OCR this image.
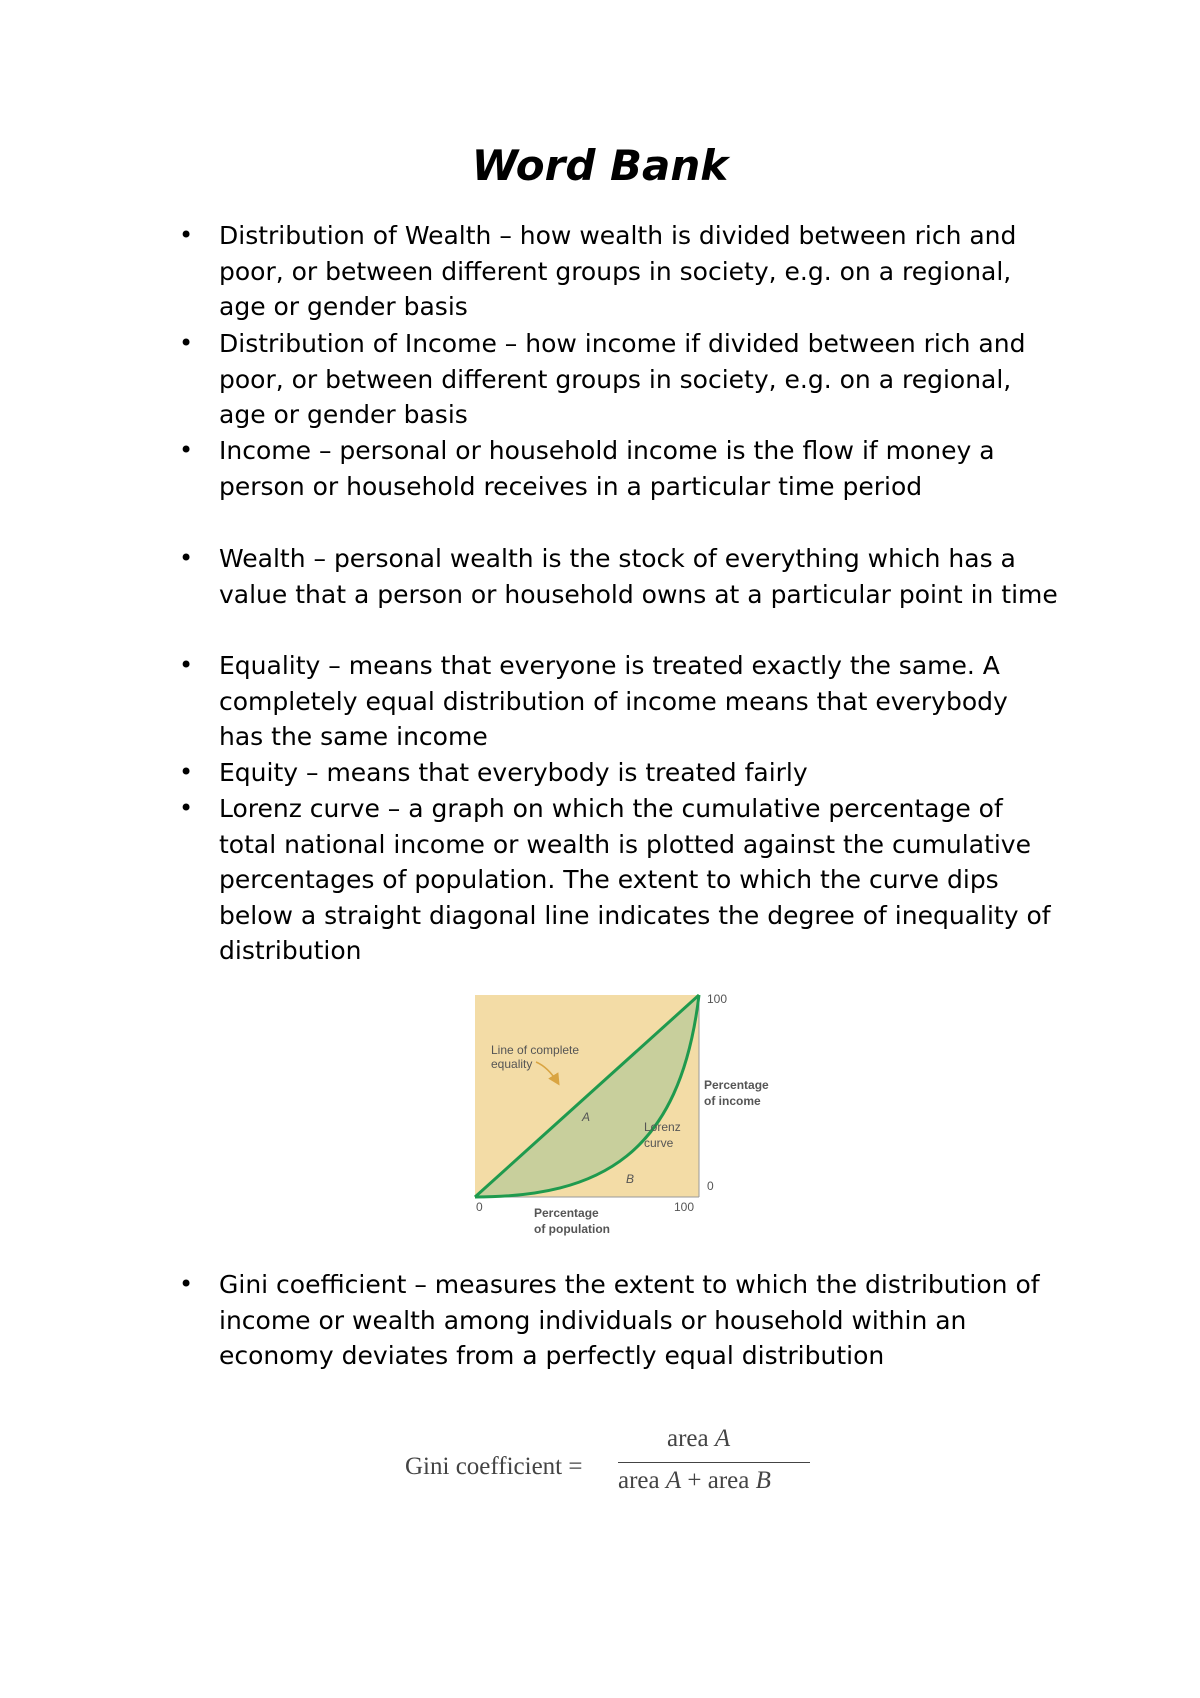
Word Bank
• Distribution of Wealth – how wealth is divided between rich and poor, or between different groups in society, e.g. on a regional, age or gender basis
• Distribution of Income – how income if divided between rich and poor, or between different groups in society, e.g. on a regional, age or gender basis
• Income – personal or household income is the flow if money a person or household receives in a particular time period
• Wealth – personal wealth is the stock of everything which has a value that a person or household owns at a particular point in time
• Equality – means that everyone is treated exactly the same. A completely equal distribution of income means that everybody has the same income
• Equity – means that everybody is treated fairly
• Lorenz curve – a graph on which the cumulative percentage of total national income or wealth is plotted against the cumulative percentages of population. The extent to which the curve dips below a straight diagonal line indicates the degree of inequality of distribution
• Gini coefficient – measures the extent to which the distribution of income or wealth among individuals or household within an economy deviates from a perfectly equal distribution
Line of complete
equality
A
B
Lorenz
curve
100
0
100
0
Percentage
of income
Percentage
of population
Gini coefficient =
area A
area A + area B
